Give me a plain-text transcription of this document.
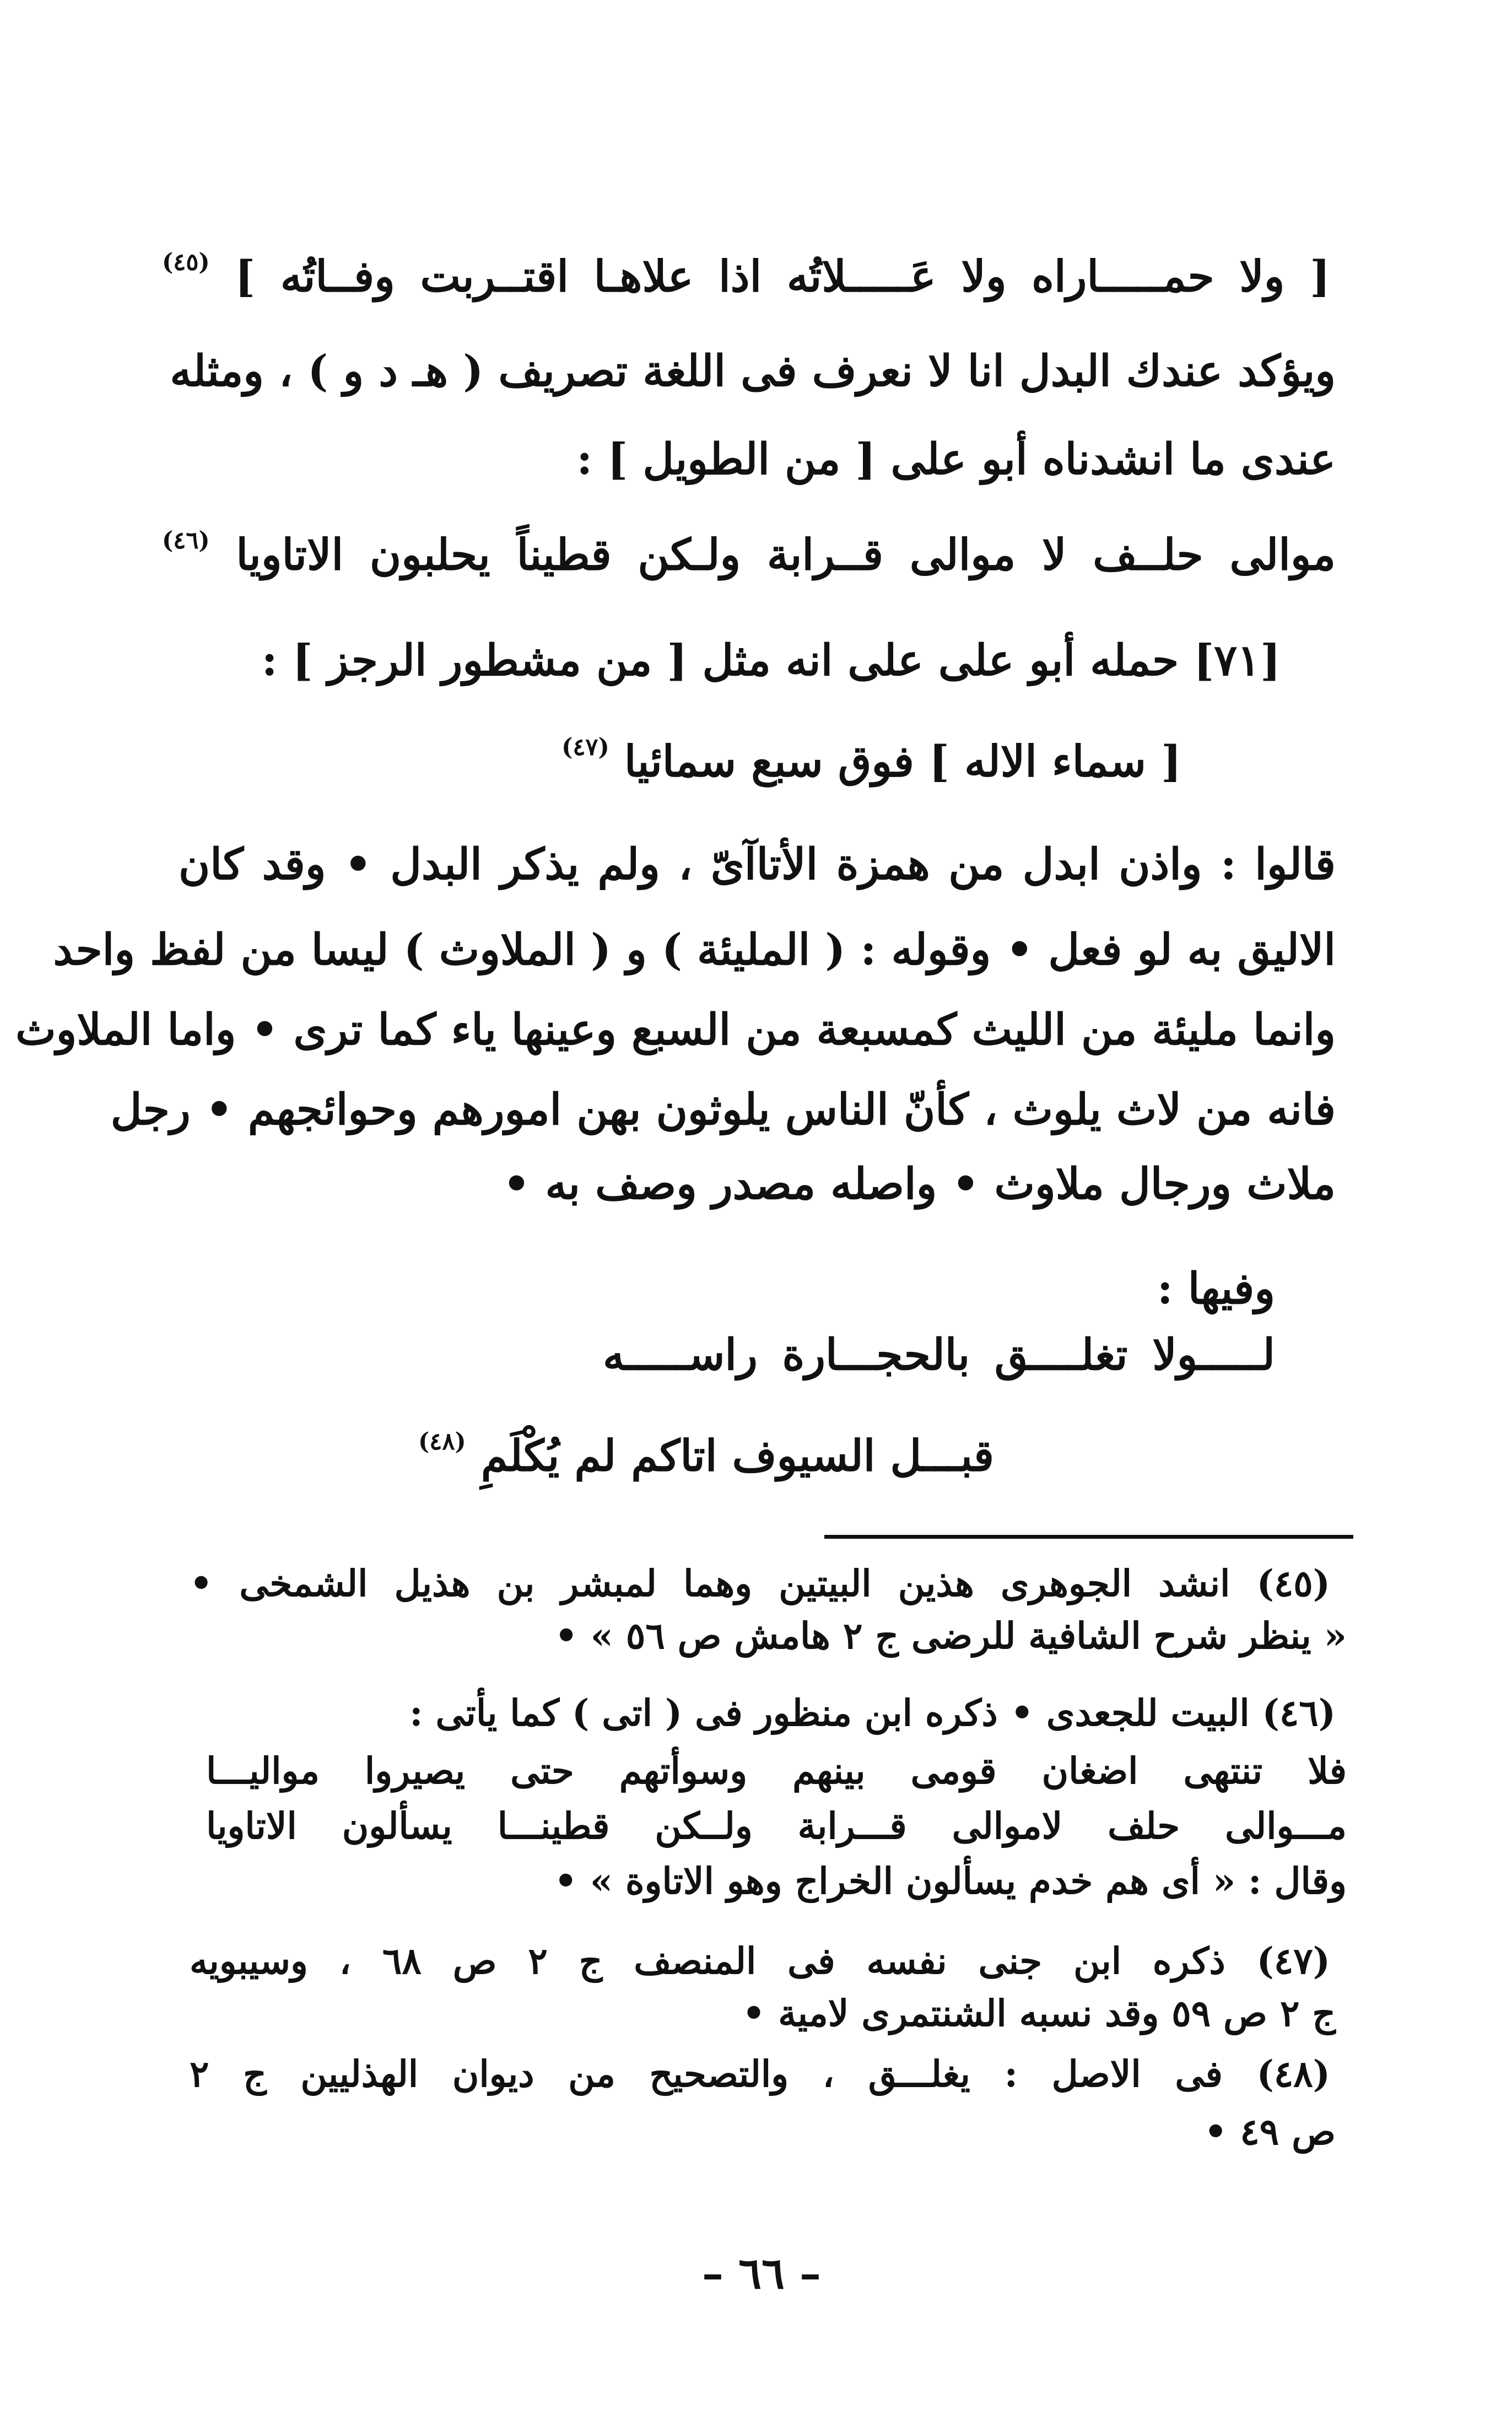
[ ولا حمـــــاراه ولا عَـــــلاتُه اذا علاهـا اقتــربت وفــاتُه ] $^{(٤٥)}$
ويؤكد عندك البدل انا لا نعرف فى اللغة تصريف ( هـ د و ) ، ومثله
عندى ما انشدناه أبو على [ من الطويل ] :
موالى حلــف لا موالى قــرابة ولـكن قطيناً يحلبون الاتاويا $^{(٤٦)}$
[٧١] حمله أبو على على انه مثل [ من مشطور الرجز ] :
[ سماء الاله ] فوق سبع سمائيا $^{(٤٧)}$
قالوا : واذن ابدل من همزة الأتاآىّ ، ولم يذكر البدل • وقد كان
الاليق به لو فعل • وقوله : ( المليئة ) و ( الملاوث ) ليسا من لفظ واحد
وانما مليئة من الليث كمسبعة من السبع وعينها ياء كما ترى • واما الملاوث
فانه من لاث يلوث ، كأنّ الناس يلوثون بهن امورهم وحوائجهم • رجل
ملاث ورجال ملاوث • واصله مصدر وصف به •
وفيها :
لـــــولا تغلــــق بالحجـــارة راســـــه
قبـــل السيوف اتاكم لم يُكْلَمِ $^{(٤٨)}$
(٤٥) انشد الجوهرى هذين البيتين وهما لمبشر بن هذيل الشمخى •
« ينظر شرح الشافية للرضى ج ٢ هامش ص ٥٦ » •
(٤٦) البيت للجعدى • ذكره ابن منظور فى ( اتى ) كما يأتى :
فلا تنتهى اضغان قومى بينهم وسوأتهم حتى يصيروا مواليـــا
مـــوالى حلف لاموالى قـــرابة ولــكن قطينـــا يسألون الاتاويا
وقال : « أى هم خدم يسألون الخراج وهو الاتاوة » •
(٤٧) ذكره ابن جنى نفسه فى المنصف ج ٢ ص ٦٨ ، وسيبويه
ج ٢ ص ٥٩ وقد نسبه الشنتمرى لامية •
(٤٨) فى الاصل : يغلـــق ، والتصحيح من ديوان الهذليين ج ٢
ص ٤٩ •
– ٦٦ –
